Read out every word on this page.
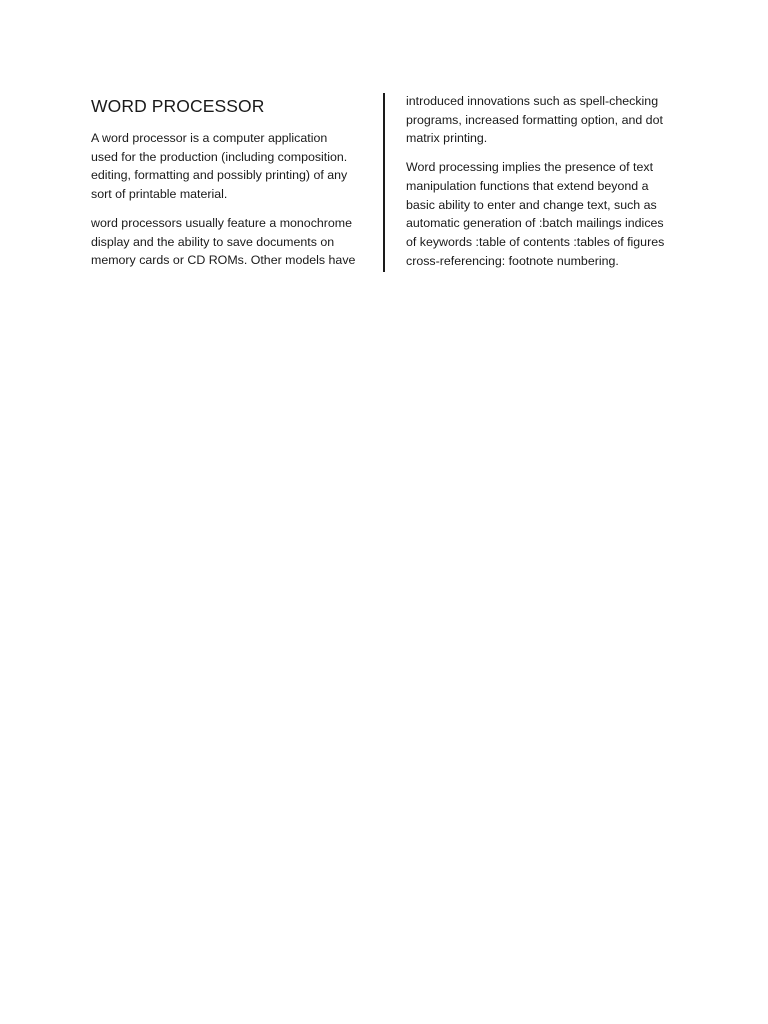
WORD PROCESSOR

A word processor is a computer application
used for the production (including composition.
editing, formatting and possibly printing) of any
sort of printable material.

word processors usually feature a monochrome
display and the ability to save documents on
memory cards or CD ROMs. Other models have

introduced innovations such as spell-checking
programs, increased formatting option, and dot
matrix printing.

Word processing implies the presence of text
manipulation functions that extend beyond a
basic ability to enter and change text, such as
automatic generation of :batch mailings indices
of keywords :table of contents :tables of figures
cross-referencing: footnote numbering.
